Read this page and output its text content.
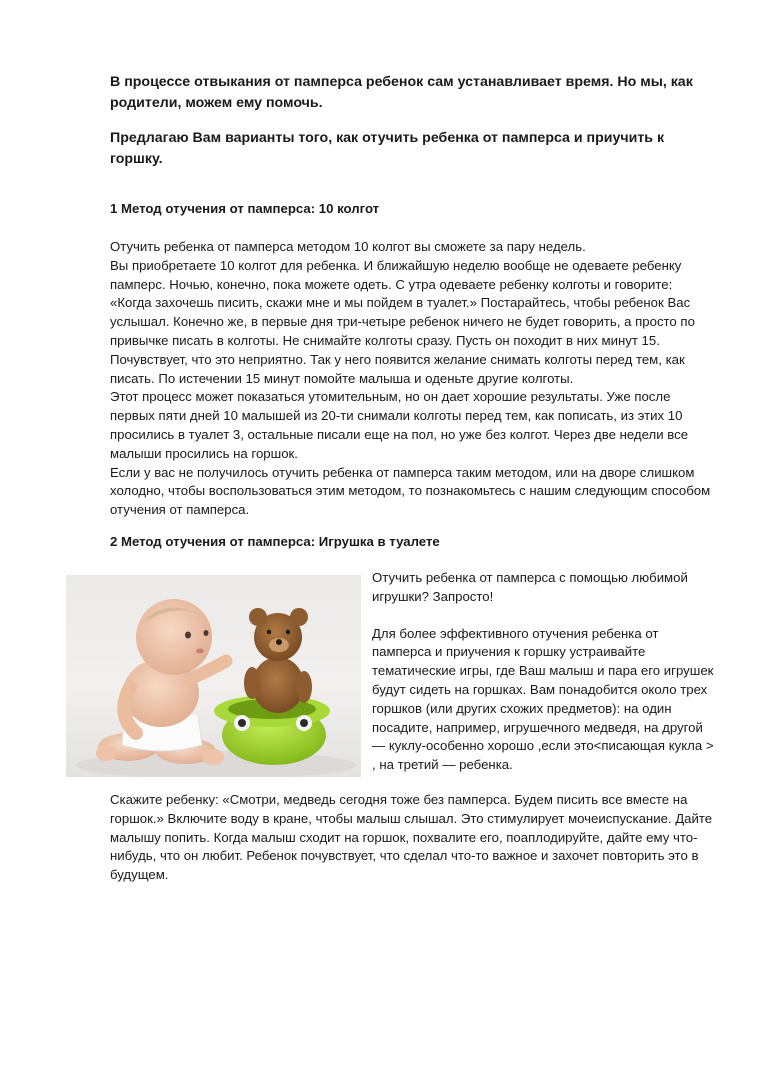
В процессе отвыкания от памперса ребенок сам устанавливает время. Но мы, как родители, можем ему помочь.

Предлагаю Вам варианты того, как отучить ребенка от памперса и приучить к горшку.

1 Метод отучения от памперса: 10 колгот

Отучить ребенка от памперса методом 10 колгот вы сможете за пару недель.
Вы приобретаете 10 колгот для ребенка. И ближайшую неделю вообще не одеваете ребенку памперс. Ночью, конечно, пока можете одеть. С утра одеваете ребенку колготы и говорите: «Когда захочешь писить, скажи мне и мы пойдем в туалет.» Постарайтесь, чтобы ребенок Вас услышал. Конечно же, в первые дня три-четыре ребенок ничего не будет говорить, а просто по привычке писать в колготы. Не снимайте колготы сразу. Пусть он походит в них минут 15. Почувствует, что это неприятно. Так у него появится желание снимать колготы перед тем, как писать. По истечении 15 минут помойте малыша и оденьте другие колготы.
Этот процесс может показаться утомительным, но он дает хорошие результаты. Уже после первых пяти дней 10 малышей из 20-ти снимали колготы перед тем, как пописать, из этих 10 просились в туалет 3, остальные писали еще на пол, но уже без колгот. Через две недели все малыши просились на горшок.
Если у вас не получилось отучить ребенка от памперса таким методом, или на дворе слишком холодно, чтобы воспользоваться этим методом, то познакомьтесь с нашим следующим способом отучения от памперса.

2 Метод отучения от памперса: Игрушка в туалете

Отучить ребенка от памперса с помощью любимой игрушки? Запросто!

Для более эффективного отучения ребенка от памперса и приучения к горшку устраивайте тематические игры, где Ваш малыш и пара его игрушек будут сидеть на горшках. Вам понадобится около трех горшков (или других схожих предметов): на один посадите, например, игрушечного медведя, на другой — куклу-особенно хорошо ,если это<писающая кукла > , на третий — ребенка.

Скажите ребенку: «Смотри, медведь сегодня тоже без памперса. Будем писить все вместе на горшок.» Включите воду в кране, чтобы малыш слышал. Это стимулирует мочеиспускание. Дайте малышу попить. Когда малыш сходит на горшок, похвалите его, поаплодируйте, дайте ему что-нибудь, что он любит. Ребенок почувствует, что сделал что-то важное и захочет повторить это в будущем.
